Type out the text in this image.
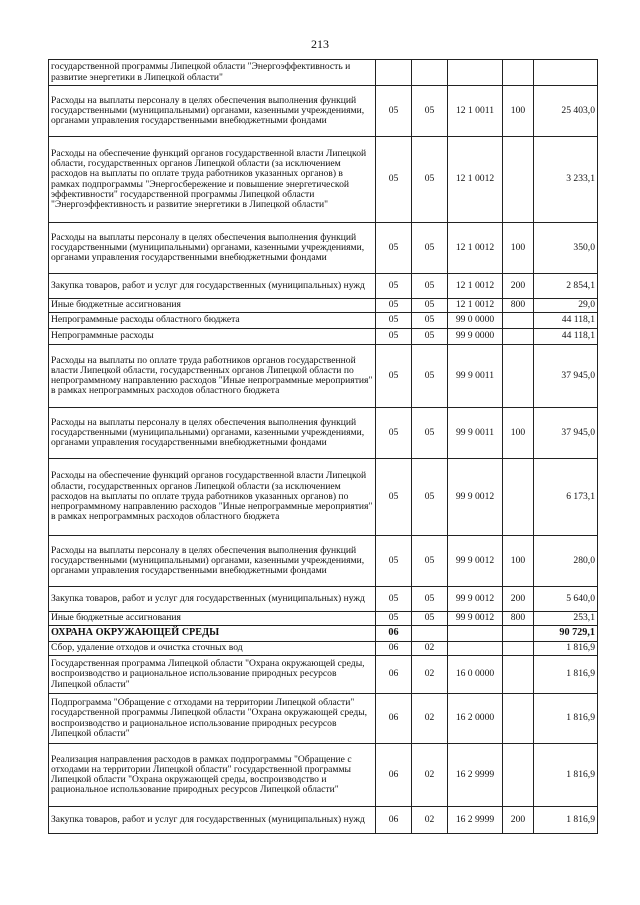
213
государственной программы Липецкой области "Энергоэффективность и развитие энергетики в Липецкой области"					
Расходы на выплаты персоналу в целях обеспечения выполнения функций государственными (муниципальными) органами, казенными учреждениями, органами управления государственными внебюджетными фондами	05	05	12 1 0011	100	25 403,0
Расходы на обеспечение функций органов государственной власти Липецкой области, государственных органов Липецкой области (за исключением расходов на выплаты по оплате труда работников указанных органов) в рамках подпрограммы "Энергосбережение и повышение энергетической эффективности" государственной программы Липецкой области "Энергоэффективность и развитие энергетики в Липецкой области"	05	05	12 1 0012		3 233,1
Расходы на выплаты персоналу в целях обеспечения выполнения функций государственными (муниципальными) органами, казенными учреждениями, органами управления государственными внебюджетными фондами	05	05	12 1 0012	100	350,0
Закупка товаров, работ и услуг для государственных (муниципальных) нужд	05	05	12 1 0012	200	2 854,1
Иные бюджетные ассигнования	05	05	12 1 0012	800	29,0
Непрограммные расходы областного бюджета	05	05	99 0 0000		44 118,1
Непрограммные расходы	05	05	99 9 0000		44 118,1
Расходы на выплаты по оплате труда работников органов государственной власти Липецкой области, государственных органов Липецкой области по непрограммному направлению расходов "Иные непрограммные мероприятия" в рамках непрограммных расходов областного бюджета	05	05	99 9 0011		37 945,0
Расходы на выплаты персоналу в целях обеспечения выполнения функций государственными (муниципальными) органами, казенными учреждениями, органами управления государственными внебюджетными фондами	05	05	99 9 0011	100	37 945,0
Расходы на обеспечение функций органов государственной власти Липецкой области, государственных органов Липецкой области (за исключением расходов на выплаты по оплате труда работников указанных органов) по непрограммному направлению расходов "Иные непрограммные мероприятия" в рамках непрограммных расходов областного бюджета	05	05	99 9 0012		6 173,1
Расходы на выплаты персоналу в целях обеспечения выполнения функций государственными (муниципальными) органами, казенными учреждениями, органами управления государственными внебюджетными фондами	05	05	99 9 0012	100	280,0
Закупка товаров, работ и услуг для государственных (муниципальных) нужд	05	05	99 9 0012	200	5 640,0
Иные бюджетные ассигнования	05	05	99 9 0012	800	253,1
ОХРАНА ОКРУЖАЮЩЕЙ СРЕДЫ	06				90 729,1
Сбор, удаление отходов и очистка сточных вод	06	02			1 816,9
Государственная программа Липецкой области "Охрана окружающей среды, воспроизводство и рациональное использование природных ресурсов Липецкой области"	06	02	16 0 0000		1 816,9
Подпрограмма "Обращение с отходами на территории Липецкой области" государственной программы Липецкой области "Охрана окружающей среды, воспроизводство и рациональное использование природных ресурсов Липецкой области"	06	02	16 2 0000		1 816,9
Реализация направления расходов в рамках подпрограммы "Обращение с отходами на территории Липецкой области" государственной программы Липецкой области "Охрана окружающей среды, воспроизводство и рациональное использование природных ресурсов Липецкой области"	06	02	16 2 9999		1 816,9
Закупка товаров, работ и услуг для государственных (муниципальных) нужд	06	02	16 2 9999	200	1 816,9
